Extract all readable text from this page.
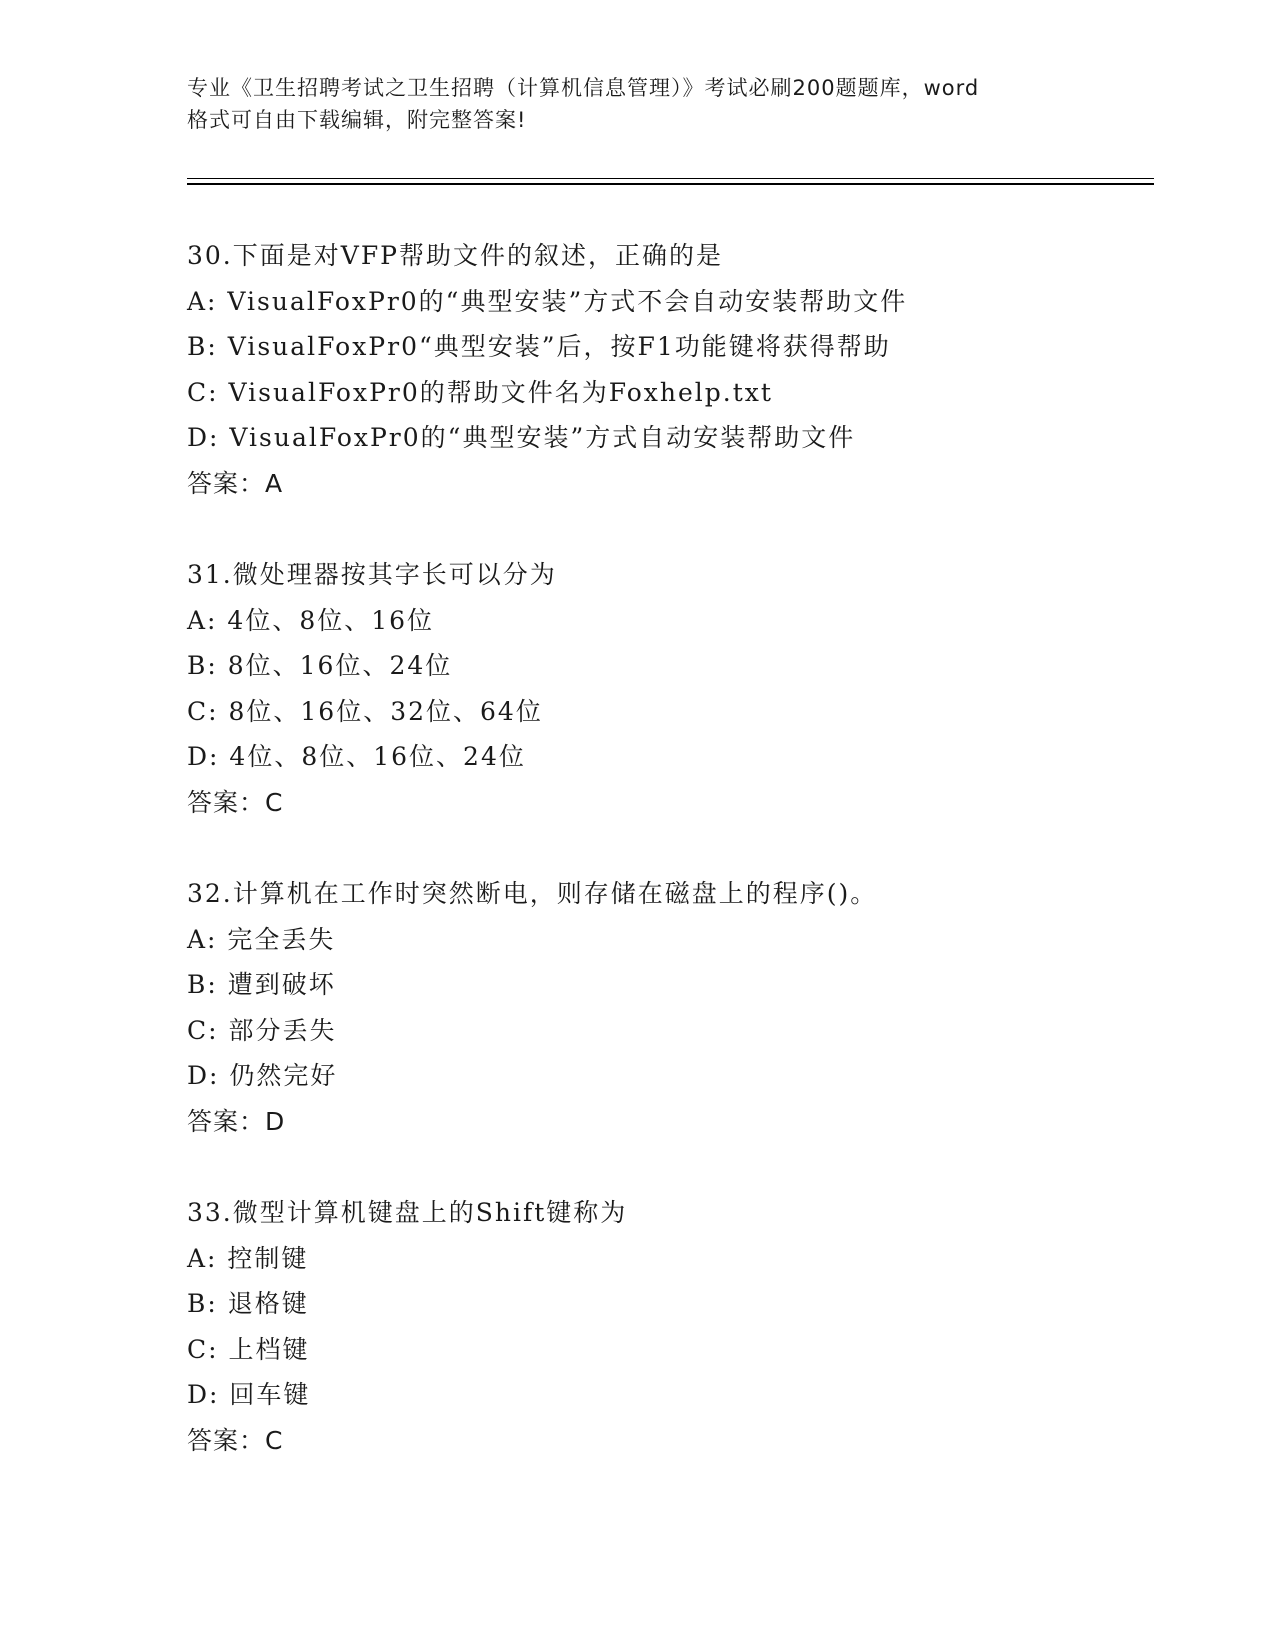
专业《卫生招聘考试之卫生招聘（计算机信息管理）》考试必刷200题题库，word
格式可自由下载编辑，附完整答案!
30.下面是对VFP帮助文件的叙述，正确的是
A: VisualFoxPr0的“典型安装”方式不会自动安装帮助文件
B: VisualFoxPr0“典型安装”后，按F1功能键将获得帮助
C: VisualFoxPr0的帮助文件名为Foxhelp.txt
D: VisualFoxPr0的“典型安装”方式自动安装帮助文件
答案：A
31.微处理器按其字长可以分为
A: 4位、8位、16位
B: 8位、16位、24位
C: 8位、16位、32位、64位
D: 4位、8位、16位、24位
答案：C
32.计算机在工作时突然断电，则存储在磁盘上的程序()。
A: 完全丢失
B: 遭到破坏
C: 部分丢失
D: 仍然完好
答案：D
33.微型计算机键盘上的Shift键称为
A: 控制键
B: 退格键
C: 上档键
D: 回车键
答案：C
